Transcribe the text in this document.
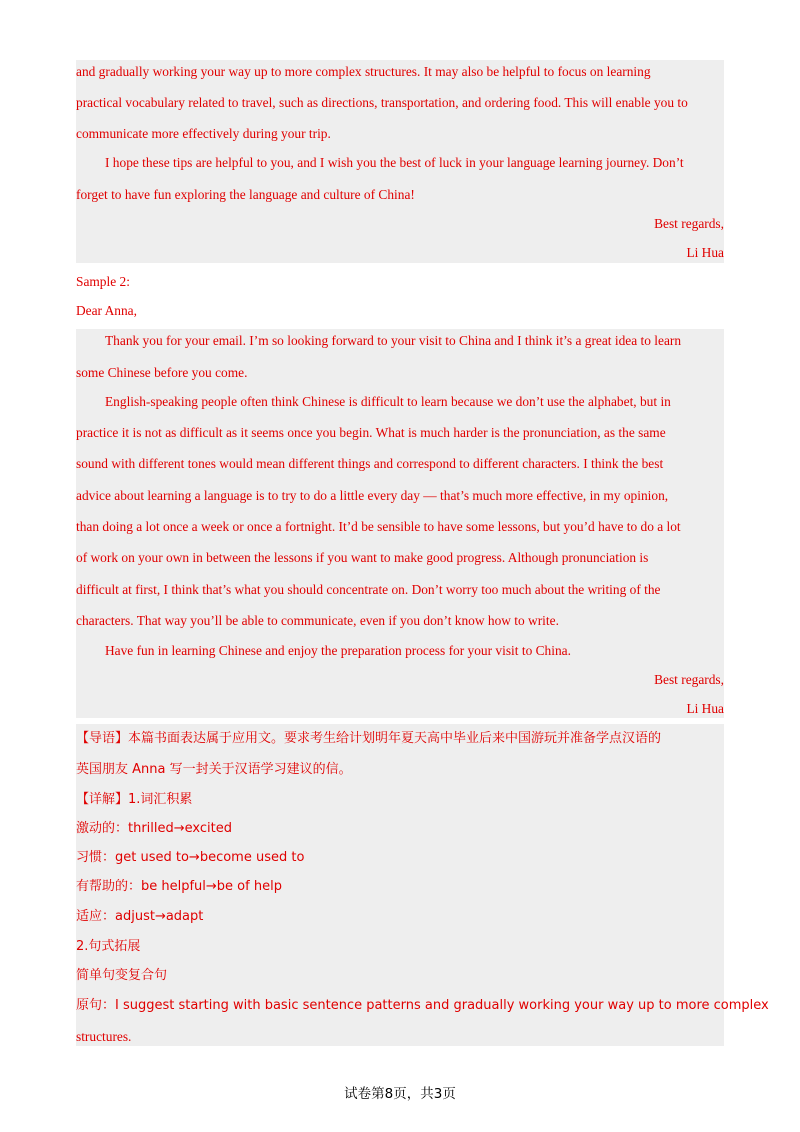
and gradually working your way up to more complex structures. It may also be helpful to focus on learning
practical vocabulary related to travel, such as directions, transportation, and ordering food. This will enable you to
communicate more effectively during your trip.
I hope these tips are helpful to you, and I wish you the best of luck in your language learning journey. Don’t
forget to have fun exploring the language and culture of China!
Best regards,
Li Hua
Sample 2:
Dear Anna,
Thank you for your email. I’m so looking forward to your visit to China and I think it’s a great idea to learn
some Chinese before you come.
English-speaking people often think Chinese is difficult to learn because we don’t use the alphabet, but in
practice it is not as difficult as it seems once you begin. What is much harder is the pronunciation, as the same
sound with different tones would mean different things and correspond to different characters. I think the best
advice about learning a language is to try to do a little every day — that’s much more effective, in my opinion,
than doing a lot once a week or once a fortnight. It’d be sensible to have some lessons, but you’d have to do a lot
of work on your own in between the lessons if you want to make good progress. Although pronunciation is
difficult at first, I think that’s what you should concentrate on. Don’t worry too much about the writing of the
characters. That way you’ll be able to communicate, even if you don’t know how to write.
Have fun in learning Chinese and enjoy the preparation process for your visit to China.
Best regards,
Li Hua
【导语】本篇书面表达属于应用文。要求考生给计划明年夏天高中毕业后来中国游玩并准备学点汉语的
英国朋友 Anna 写一封关于汉语学习建议的信。
【详解】1.词汇积累
激动的：thrilled→excited
习惯：get used to→become used to
有帮助的：be helpful→be of help
适应：adjust→adapt
2.句式拓展
简单句变复合句
原句：I suggest starting with basic sentence patterns and gradually working your way up to more complex
structures.
试卷第8页，共3页
